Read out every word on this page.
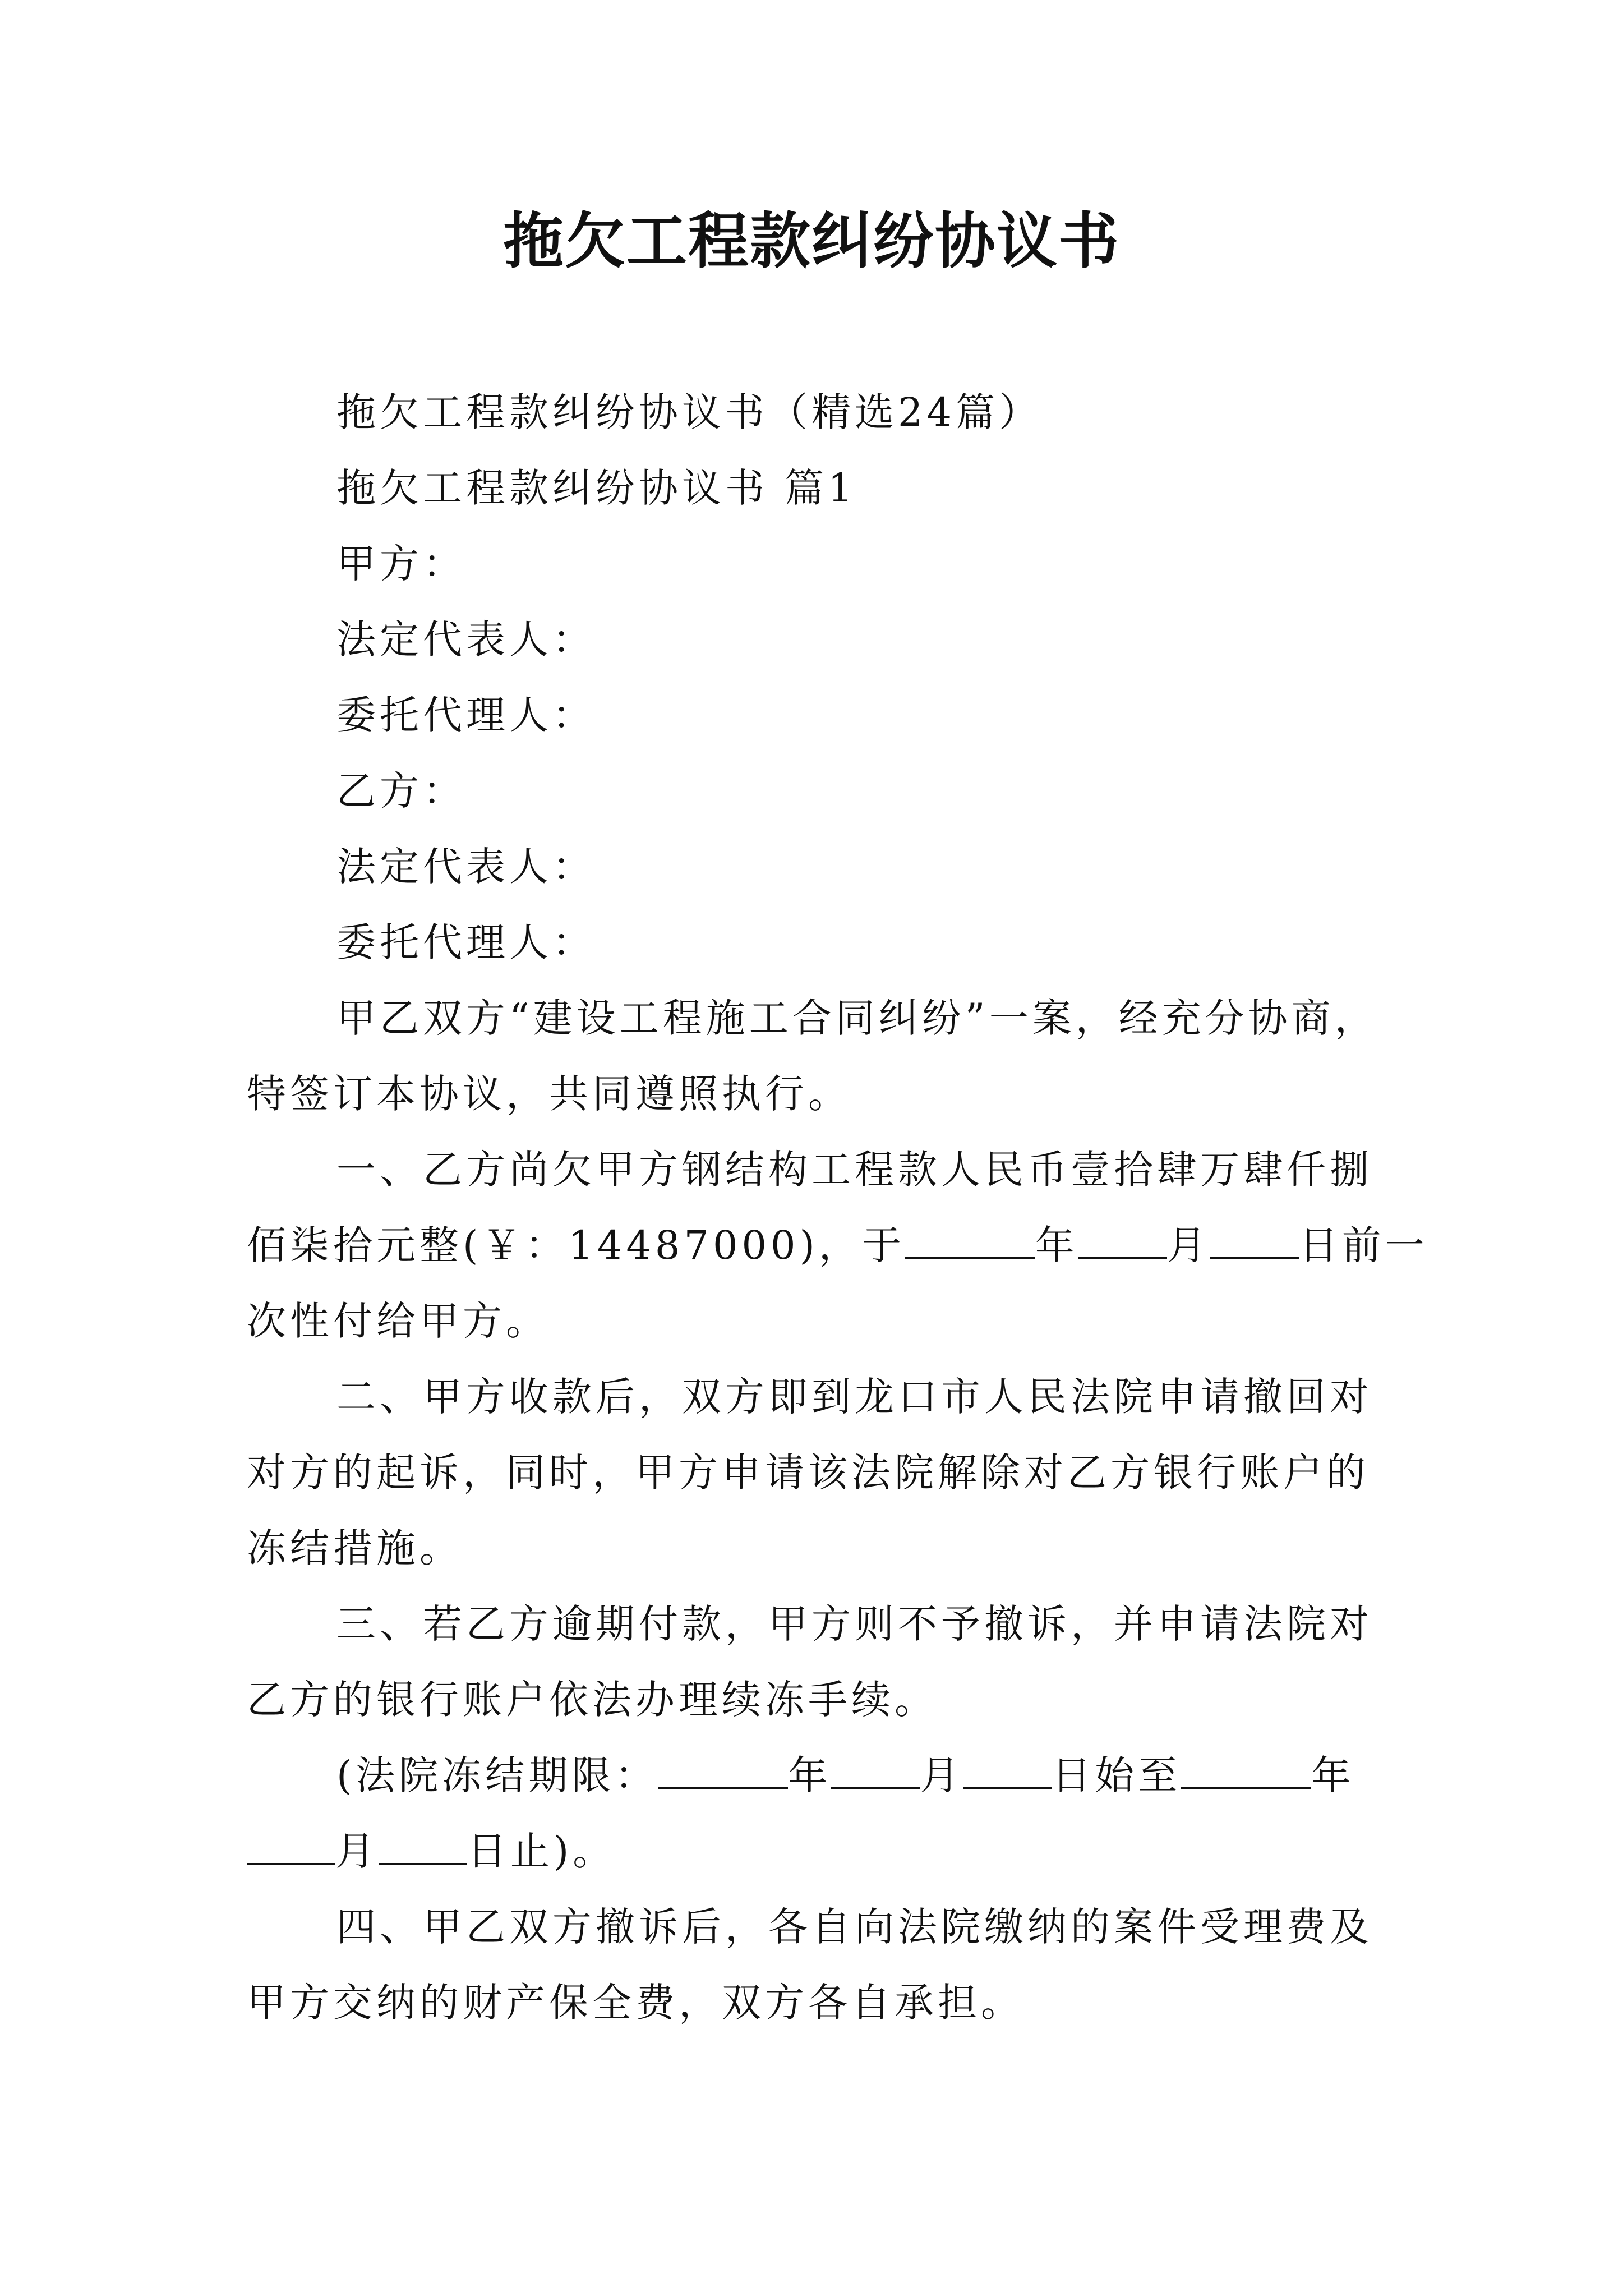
拖欠工程款纠纷协议书
拖欠工程款纠纷协议书（精选24篇）
拖欠工程款纠纷协议书 篇1
甲方：
法定代表人：
委托代理人：
乙方：
法定代表人：
委托代理人：
甲乙双方“建设工程施工合同纠纷”一案，经充分协商，
特签订本协议，共同遵照执行。
一、乙方尚欠甲方钢结构工程款人民币壹拾肆万肆仟捌
佰柒拾元整(￥：14487000)，于	年 月 日前一
次性付给甲方。
二、甲方收款后，双方即到龙口市人民法院申请撤回对
对方的起诉，同时，甲方申请该法院解除对乙方银行账户的
冻结措施。
三、若乙方逾期付款，甲方则不予撤诉，并申请法院对
乙方的银行账户依法办理续冻手续。
(法院冻结期限：	年 月 日始至	年
月 日止)。
四、甲乙双方撤诉后，各自向法院缴纳的案件受理费及
甲方交纳的财产保全费，双方各自承担。
